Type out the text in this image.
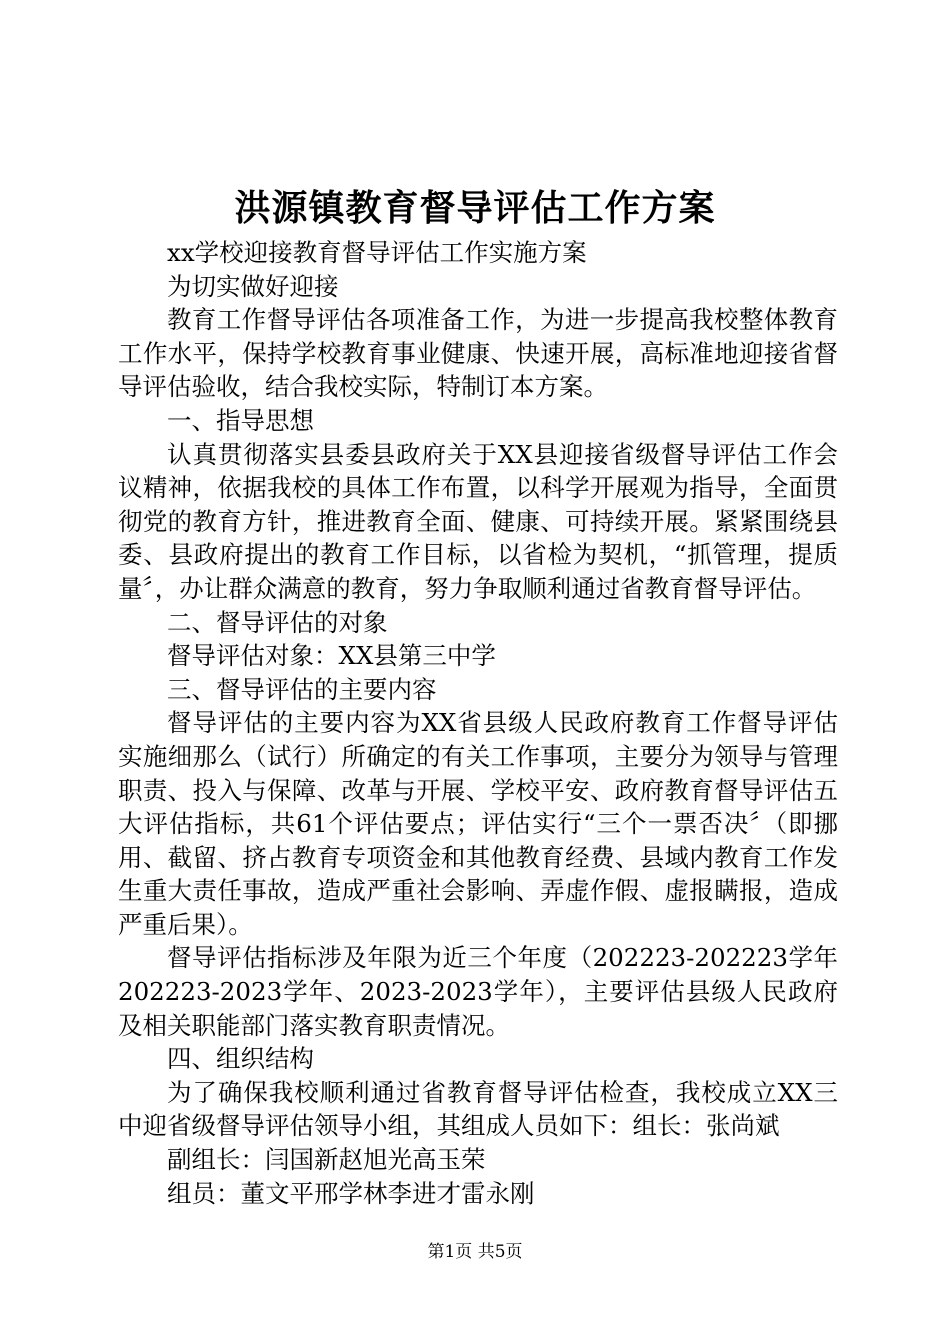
洪源镇教育督导评估工作方案

xx学校迎接教育督导评估工作实施方案

为切实做好迎接

教育工作督导评估各项准备工作，为进一步提高我校整体教育工作水平，保持学校教育事业健康、快速开展，高标准地迎接省督导评估验收，结合我校实际，特制订本方案。

一、指导思想

认真贯彻落实县委县政府关于XX县迎接省级督导评估工作会议精神，依据我校的具体工作布置，以科学开展观为指导，全面贯彻党的教育方针，推进教育全面、健康、可持续开展。紧紧围绕县委、县政府提出的教育工作目标，以省检为契机，“抓管理，提质量〞，办让群众满意的教育，努力争取顺利通过省教育督导评估。

二、督导评估的对象

督导评估对象：XX县第三中学

三、督导评估的主要内容

督导评估的主要内容为XX省县级人民政府教育工作督导评估实施细那么（试行）所确定的有关工作事项，主要分为领导与管理职责、投入与保障、改革与开展、学校平安、政府教育督导评估五大评估指标，共61个评估要点；评估实行“三个一票否决〞（即挪用、截留、挤占教育专项资金和其他教育经费、县域内教育工作发生重大责任事故，造成严重社会影响、弄虚作假、虚报瞒报，造成严重后果）。

督导评估指标涉及年限为近三个年度（202223-202223学年202223-2023学年、2023-2023学年），主要评估县级人民政府及相关职能部门落实教育职责情况。

四、组织结构

为了确保我校顺利通过省教育督导评估检查，我校成立XX三中迎省级督导评估领导小组，其组成人员如下：组长：张尚斌

副组长：闫国新赵旭光高玉荣

组员：董文平邢学林李进才雷永刚

第1页 共5页
